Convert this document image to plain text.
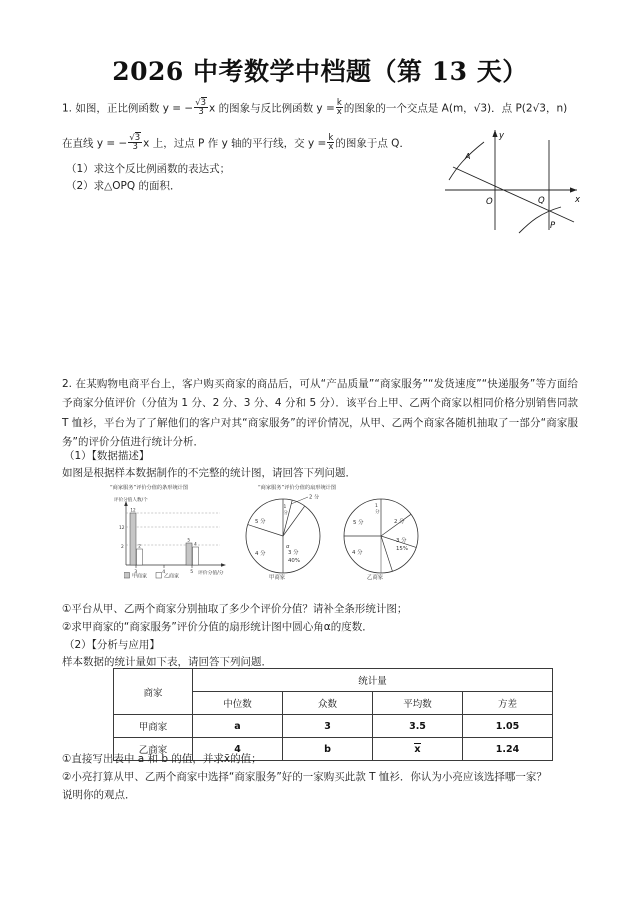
2026 中考数学中档题（第 13 天）
1. 如图，正比例函数 y = − $\frac{√3}{3}$ x 的图象与反比例函数 $y = \frac{k}{x}$ 的图象的一个交点是 A(m，√3)．点 P(2√3，n)
在直线 y = − $\frac{√3}{3}$ x 上，过点 P 作 y 轴的平行线，交 $y = \frac{k}{x}$ 的图象于点 Q．
（1）求这个反比例函数的表达式；
（2）求△OPQ 的面积．
A
O	Q
P
y
x
2. 在某购物电商平台上，客户购买商家的商品后，可从“产品质量”“商家服务”“发货速度”“快递服务”等方面给予商家分值评价（分值为 1 分、2 分、3 分、4 分和 5 分）．该平台上甲、乙两个商家以相同价格分别销售同款 T 恤衫，平台为了了解他们的客户对其“商家服务”的评价情况，从甲、乙两个商家各随机抽取了一部分“商家服务”的评价分值进行统计分析．
（1）【数据描述】
如图是根据样本数据制作的不完整的统计图，请回答下列问题．
“商家服务”评价分值的条形统计图	“商家服务”评价分值的扇形统计图
评价分值人数/个
12
2
12
2
5
4
3	4	5 评价分值/分
甲商家	乙商家
α
3 分
40%
4 分
5 分
2 分
1
分
甲商家
1
分
2 分
3 分
15%
4 分
5 分
乙商家
①平台从甲、乙两个商家分别抽取了多少个评价分值？请补全条形统计图；
②求甲商家的“商家服务”评价分值的扇形统计图中圆心角α的度数．
（2）【分析与应用】
样本数据的统计量如下表，请回答下列问题．
商家	统计量			
	中位数	众数	平均数	方差
甲商家	a	3	3.5	1.05
乙商家	4	b	x	1.24
①直接写出表中 a 和 b 的值，并求x̄的值；
②小亮打算从甲、乙两个商家中选择“商家服务”好的一家购买此款 T 恤衫．你认为小亮应该选择哪一家？
说明你的观点．
